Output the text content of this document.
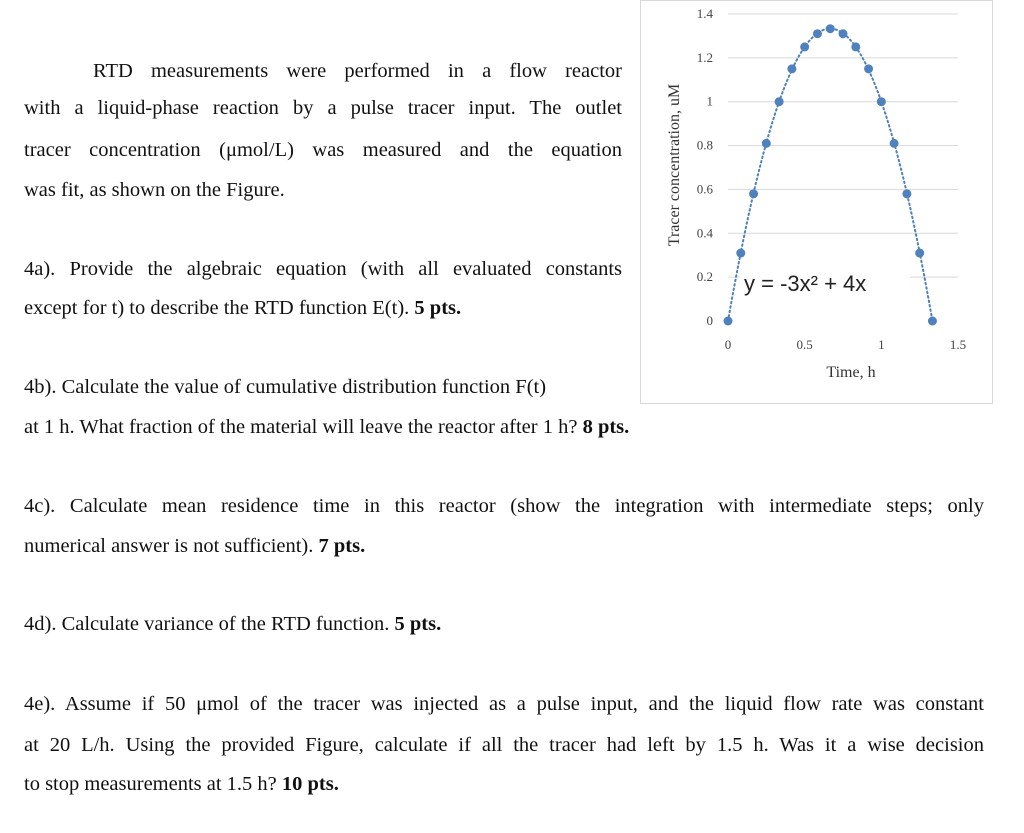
RTD measurements were performed in a flow reactor
with a liquid-phase reaction by a pulse tracer input. The outlet
tracer concentration (μmol/L) was measured and the equation
was fit, as shown on the Figure.
4a). Provide the algebraic equation (with all evaluated constants
except for t) to describe the RTD function E(t). 5 pts.
4b). Calculate the value of cumulative distribution function F(t)
at 1 h. What fraction of the material will leave the reactor after 1 h? 8 pts.
4c). Calculate mean residence time in this reactor (show the integration with intermediate steps; only
numerical answer is not sufficient). 7 pts.
4d). Calculate variance of the RTD function. 5 pts.
4e). Assume if 50 μmol of the tracer was injected as a pulse input, and the liquid flow rate was constant
at 20 L/h. Using the provided Figure, calculate if all the tracer had left by 1.5 h. Was it a wise decision
to stop measurements at 1.5 h? 10 pts.
0
0.2
0.4
0.6
0.8
1
1.2
1.4
0	0.5	1	1.5
Tracer concentration, uM
Time, h
y = -3x² + 4x
